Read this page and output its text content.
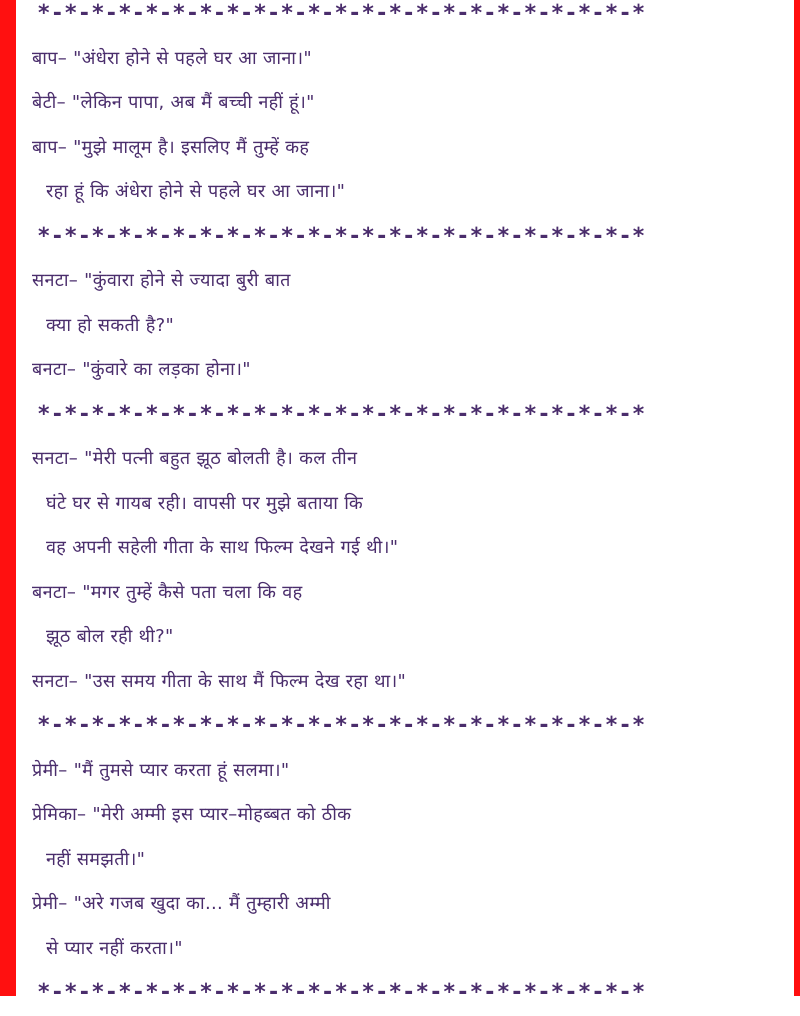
*-*-*-*-*-*-*-*-*-*-*-*-*-*-*-*-*-*-*-*-*-*-*
बाप– "अंधेरा होने से पहले घर आ जाना।"
बेटी– "लेकिन पापा, अब मैं बच्ची नहीं हूं।"
बाप– "मुझे मालूम है। इसलिए मैं तुम्हें कह
रहा हूं कि अंधेरा होने से पहले घर आ जाना।"
*-*-*-*-*-*-*-*-*-*-*-*-*-*-*-*-*-*-*-*-*-*-*
सनटा– "कुंवारा होने से ज्यादा बुरी बात
क्या हो सकती है?"
बनटा– "कुंवारे का लड़का होना।"
*-*-*-*-*-*-*-*-*-*-*-*-*-*-*-*-*-*-*-*-*-*-*
सनटा– "मेरी पत्नी बहुत झूठ बोलती है। कल तीन
घंटे घर से गायब रही। वापसी पर मुझे बताया कि
वह अपनी सहेली गीता के साथ फिल्म देखने गई थी।"
बनटा– "मगर तुम्हें कैसे पता चला कि वह
झूठ बोल रही थी?"
सनटा– "उस समय गीता के साथ मैं फिल्म देख रहा था।"
*-*-*-*-*-*-*-*-*-*-*-*-*-*-*-*-*-*-*-*-*-*-*
प्रेमी– "मैं तुमसे प्यार करता हूं सलमा।"
प्रेमिका– "मेरी अम्मी इस प्यार–मोहब्बत को ठीक
नहीं समझती।"
प्रेमी– "अरे गजब खुदा का... मैं तुम्हारी अम्मी
से प्यार नहीं करता।"
*-*-*-*-*-*-*-*-*-*-*-*-*-*-*-*-*-*-*-*-*-*-*
